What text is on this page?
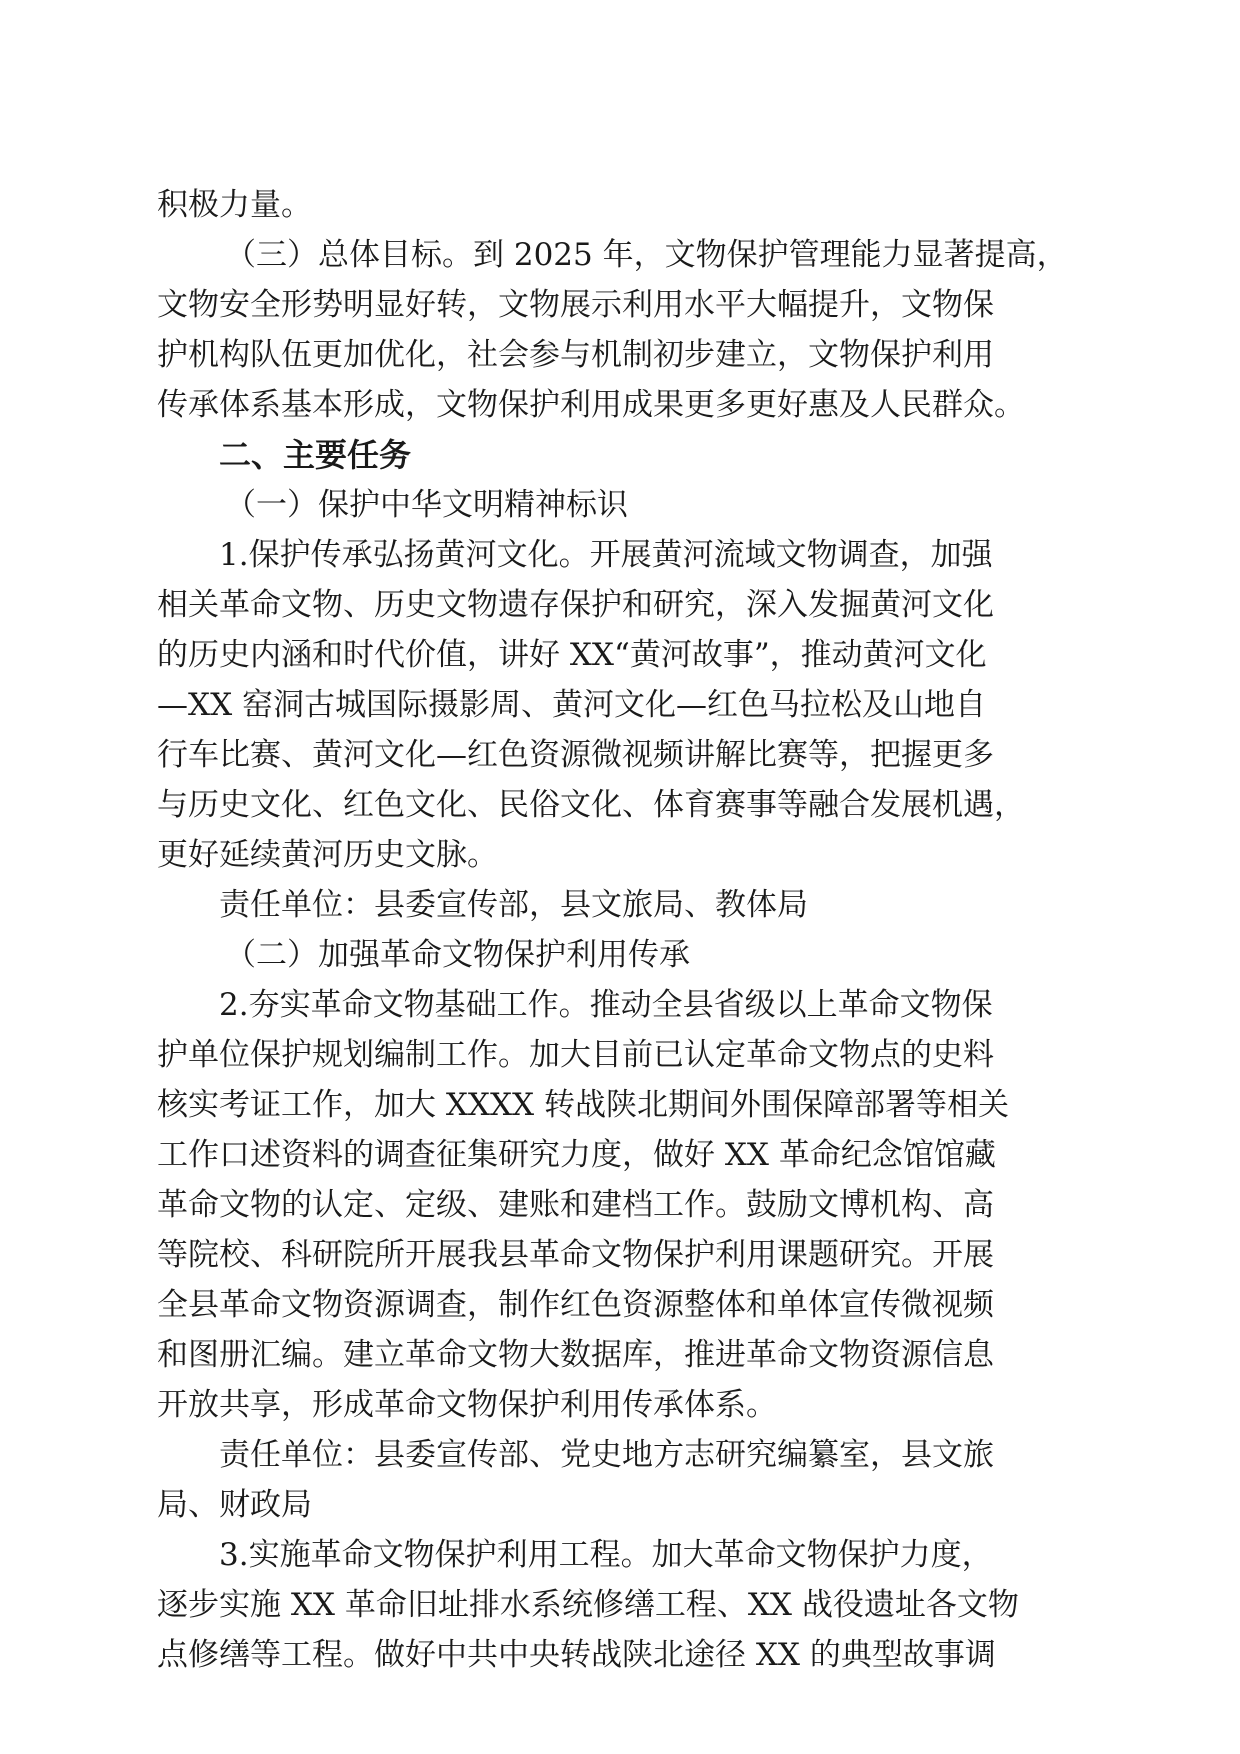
积极力量。
（三）总体目标。到 2025 年，文物保护管理能力显著提高，
文物安全形势明显好转，文物展示利用水平大幅提升，文物保
护机构队伍更加优化，社会参与机制初步建立，文物保护利用
传承体系基本形成，文物保护利用成果更多更好惠及人民群众。
二、主要任务
（一）保护中华文明精神标识
1.保护传承弘扬黄河文化。开展黄河流域文物调查，加强
相关革命文物、历史文物遗存保护和研究，深入发掘黄河文化
的历史内涵和时代价值，讲好 XX“黄河故事”，推动黄河文化
—XX 窑洞古城国际摄影周、黄河文化—红色马拉松及山地自
行车比赛、黄河文化—红色资源微视频讲解比赛等，把握更多
与历史文化、红色文化、民俗文化、体育赛事等融合发展机遇，
更好延续黄河历史文脉。
责任单位：县委宣传部，县文旅局、教体局
（二）加强革命文物保护利用传承
2.夯实革命文物基础工作。推动全县省级以上革命文物保
护单位保护规划编制工作。加大目前已认定革命文物点的史料
核实考证工作，加大 XXXX 转战陕北期间外围保障部署等相关
工作口述资料的调查征集研究力度，做好 XX 革命纪念馆馆藏
革命文物的认定、定级、建账和建档工作。鼓励文博机构、高
等院校、科研院所开展我县革命文物保护利用课题研究。开展
全县革命文物资源调查，制作红色资源整体和单体宣传微视频
和图册汇编。建立革命文物大数据库，推进革命文物资源信息
开放共享，形成革命文物保护利用传承体系。
责任单位：县委宣传部、党史地方志研究编纂室，县文旅
局、财政局
3.实施革命文物保护利用工程。加大革命文物保护力度，
逐步实施 XX 革命旧址排水系统修缮工程、XX 战役遗址各文物
点修缮等工程。做好中共中央转战陕北途径 XX 的典型故事调
